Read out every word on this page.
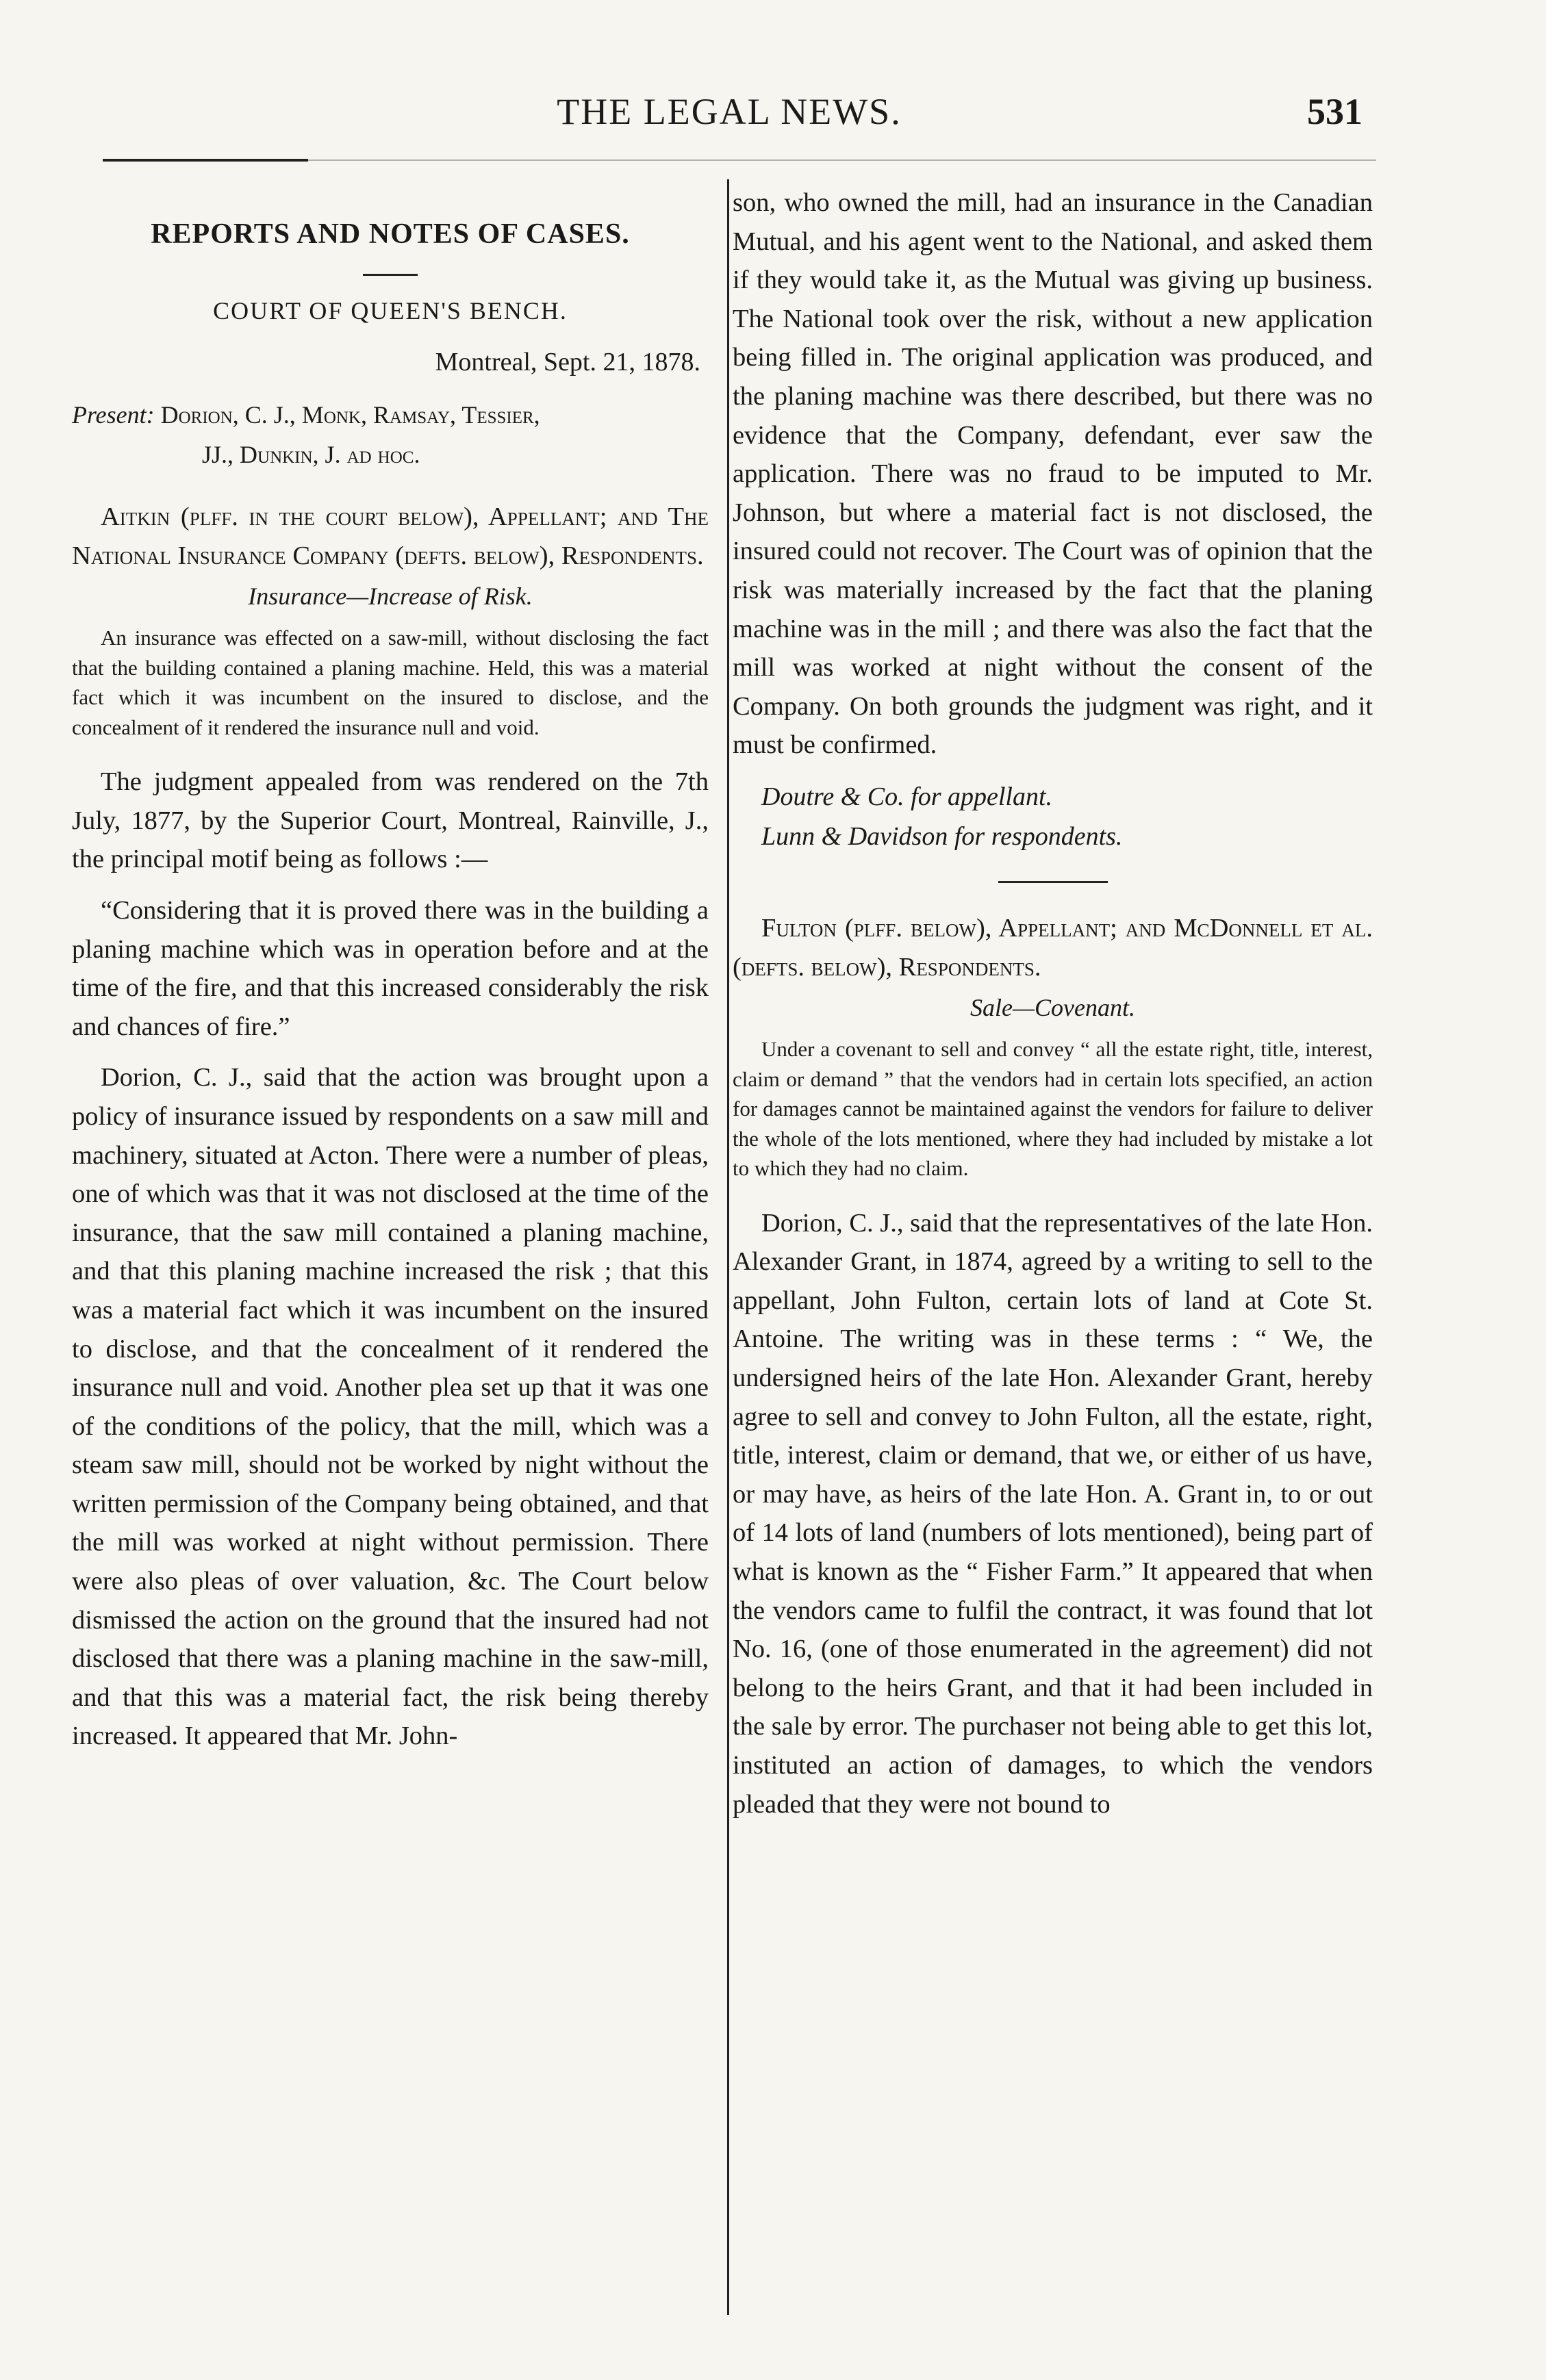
THE LEGAL NEWS.	531
REPORTS AND NOTES OF CASES.
COURT OF QUEEN'S BENCH.
Montreal, Sept. 21, 1878.
Present: Dorion, C. J., Monk, Ramsay, Tessier,
JJ., Dunkin, J. ad hoc.

Aitkin (plff. in the court below), Appellant; and The National Insurance Company (defts. below), Respondents.

Insurance—Increase of Risk.

An insurance was effected on a saw-mill, without disclosing the fact that the building contained a planing machine. Held, this was a material fact which it was incumbent on the insured to disclose, and the concealment of it rendered the insurance null and void.

The judgment appealed from was rendered on the 7th July, 1877, by the Superior Court, Montreal, Rainville, J., the principal motif being as follows :—

“Considering that it is proved there was in the building a planing machine which was in operation before and at the time of the fire, and that this increased considerably the risk and chances of fire.”

Dorion, C. J., said that the action was brought upon a policy of insurance issued by respondents on a saw mill and machinery, situated at Acton. There were a number of pleas, one of which was that it was not disclosed at the time of the insurance, that the saw mill contained a planing machine, and that this planing machine increased the risk ; that this was a material fact which it was incumbent on the insured to disclose, and that the concealment of it rendered the insurance null and void. Another plea set up that it was one of the conditions of the policy, that the mill, which was a steam saw mill, should not be worked by night without the written permission of the Company being obtained, and that the mill was worked at night without permission. There were also pleas of over valuation, &c. The Court below dismissed the action on the ground that the insured had not disclosed that there was a planing machine in the saw-mill, and that this was a material fact, the risk being thereby increased. It appeared that Mr. John-

son, who owned the mill, had an insurance in the Canadian Mutual, and his agent went to the National, and asked them if they would take it, as the Mutual was giving up business. The National took over the risk, without a new application being filled in. The original application was produced, and the planing machine was there described, but there was no evidence that the Company, defendant, ever saw the application. There was no fraud to be imputed to Mr. Johnson, but where a material fact is not disclosed, the insured could not recover. The Court was of opinion that the risk was materially increased by the fact that the planing machine was in the mill ; and there was also the fact that the mill was worked at night without the consent of the Company. On both grounds the judgment was right, and it must be confirmed.

Doutre & Co. for appellant.
Lunn & Davidson for respondents.

Fulton (plff. below), Appellant; and McDonnell et al. (defts. below), Respondents.

Sale—Covenant.

Under a covenant to sell and convey “ all the estate right, title, interest, claim or demand ” that the vendors had in certain lots specified, an action for damages cannot be maintained against the vendors for failure to deliver the whole of the lots mentioned, where they had included by mistake a lot to which they had no claim.

Dorion, C. J., said that the representatives of the late Hon. Alexander Grant, in 1874, agreed by a writing to sell to the appellant, John Fulton, certain lots of land at Cote St. Antoine. The writing was in these terms : “ We, the undersigned heirs of the late Hon. Alexander Grant, hereby agree to sell and convey to John Fulton, all the estate, right, title, interest, claim or demand, that we, or either of us have, or may have, as heirs of the late Hon. A. Grant in, to or out of 14 lots of land (numbers of lots mentioned), being part of what is known as the “ Fisher Farm.” It appeared that when the vendors came to fulfil the contract, it was found that lot No. 16, (one of those enumerated in the agreement) did not belong to the heirs Grant, and that it had been included in the sale by error. The purchaser not being able to get this lot, instituted an action of damages, to which the vendors pleaded that they were not bound to
